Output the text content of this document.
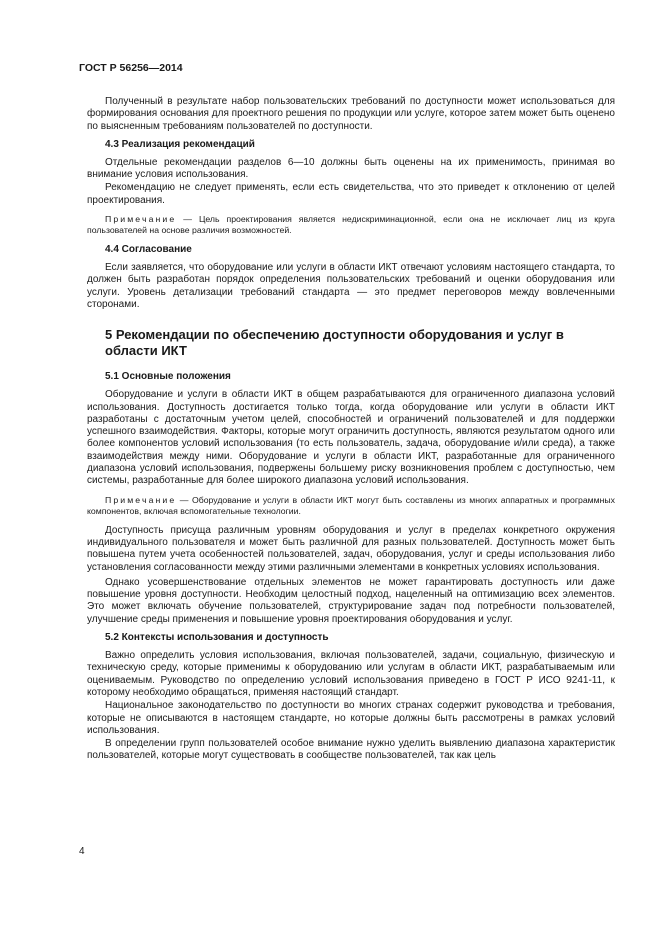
ГОСТ Р 56256—2014

Полученный в результате набор пользовательских требований по доступности может использоваться для формирования основания для проектного решения по продукции или услуге, которое затем может быть оценено по выясненным требованиям пользователей по доступности.

4.3 Реализация рекомендаций

Отдельные рекомендации разделов 6—10 должны быть оценены на их применимость, принимая во внимание условия использования.

Рекомендацию не следует применять, если есть свидетельства, что это приведет к отклонению от целей проектирования.

Примечание — Цель проектирования является недискриминационной, если она не исключает лиц из круга пользователей на основе различия возможностей.

4.4 Согласование

Если заявляется, что оборудование или услуги в области ИКТ отвечают условиям настоящего стандарта, то должен быть разработан порядок определения пользовательских требований и оценки оборудования или услуги. Уровень детализации требований стандарта — это предмет переговоров между вовлеченными сторонами.

5 Рекомендации по обеспечению доступности оборудования и услуг в области ИКТ
5.1 Основные положения

Оборудование и услуги в области ИКТ в общем разрабатываются для ограниченного диапазона условий использования. Доступность достигается только тогда, когда оборудование или услуги в области ИКТ разработаны с достаточным учетом целей, способностей и ограничений пользователей и для поддержки успешного взаимодействия. Факторы, которые могут ограничить доступность, являются результатом одного или более компонентов условий использования (то есть пользователь, задача, оборудование и/или среда), а также взаимодействия между ними. Оборудование и услуги в области ИКТ, разработанные для ограниченного диапазона условий использования, подвержены большему риску возникновения проблем с доступностью, чем системы, разработанные для более широкого диапазона условий использования.

Примечание — Оборудование и услуги в области ИКТ могут быть составлены из многих аппаратных и программных компонентов, включая вспомогательные технологии.

Доступность присуща различным уровням оборудования и услуг в пределах конкретного окружения индивидуального пользователя и может быть различной для разных пользователей. Доступность может быть повышена путем учета особенностей пользователей, задач, оборудования, услуг и среды использования либо установления согласованности между этими различными элементами в конкретных условиях использования.

Однако усовершенствование отдельных элементов не может гарантировать доступность или даже повышение уровня доступности. Необходим целостный подход, нацеленный на оптимизацию всех элементов. Это может включать обучение пользователей, структурирование задач под потребности пользователей, улучшение среды применения и повышение уровня проектирования оборудования и услуг.

5.2 Контексты использования и доступность

Важно определить условия использования, включая пользователей, задачи, социальную, физическую и техническую среду, которые применимы к оборудованию или услугам в области ИКТ, разрабатываемым или оцениваемым. Руководство по определению условий использования приведено в ГОСТ Р ИСО 9241-11, к которому необходимо обращаться, применяя настоящий стандарт.

Национальное законодательство по доступности во многих странах содержит руководства и требования, которые не описываются в настоящем стандарте, но которые должны быть рассмотрены в рамках условий использования.

В определении групп пользователей особое внимание нужно уделить выявлению диапазона характеристик пользователей, которые могут существовать в сообществе пользователей, так как цель

4
